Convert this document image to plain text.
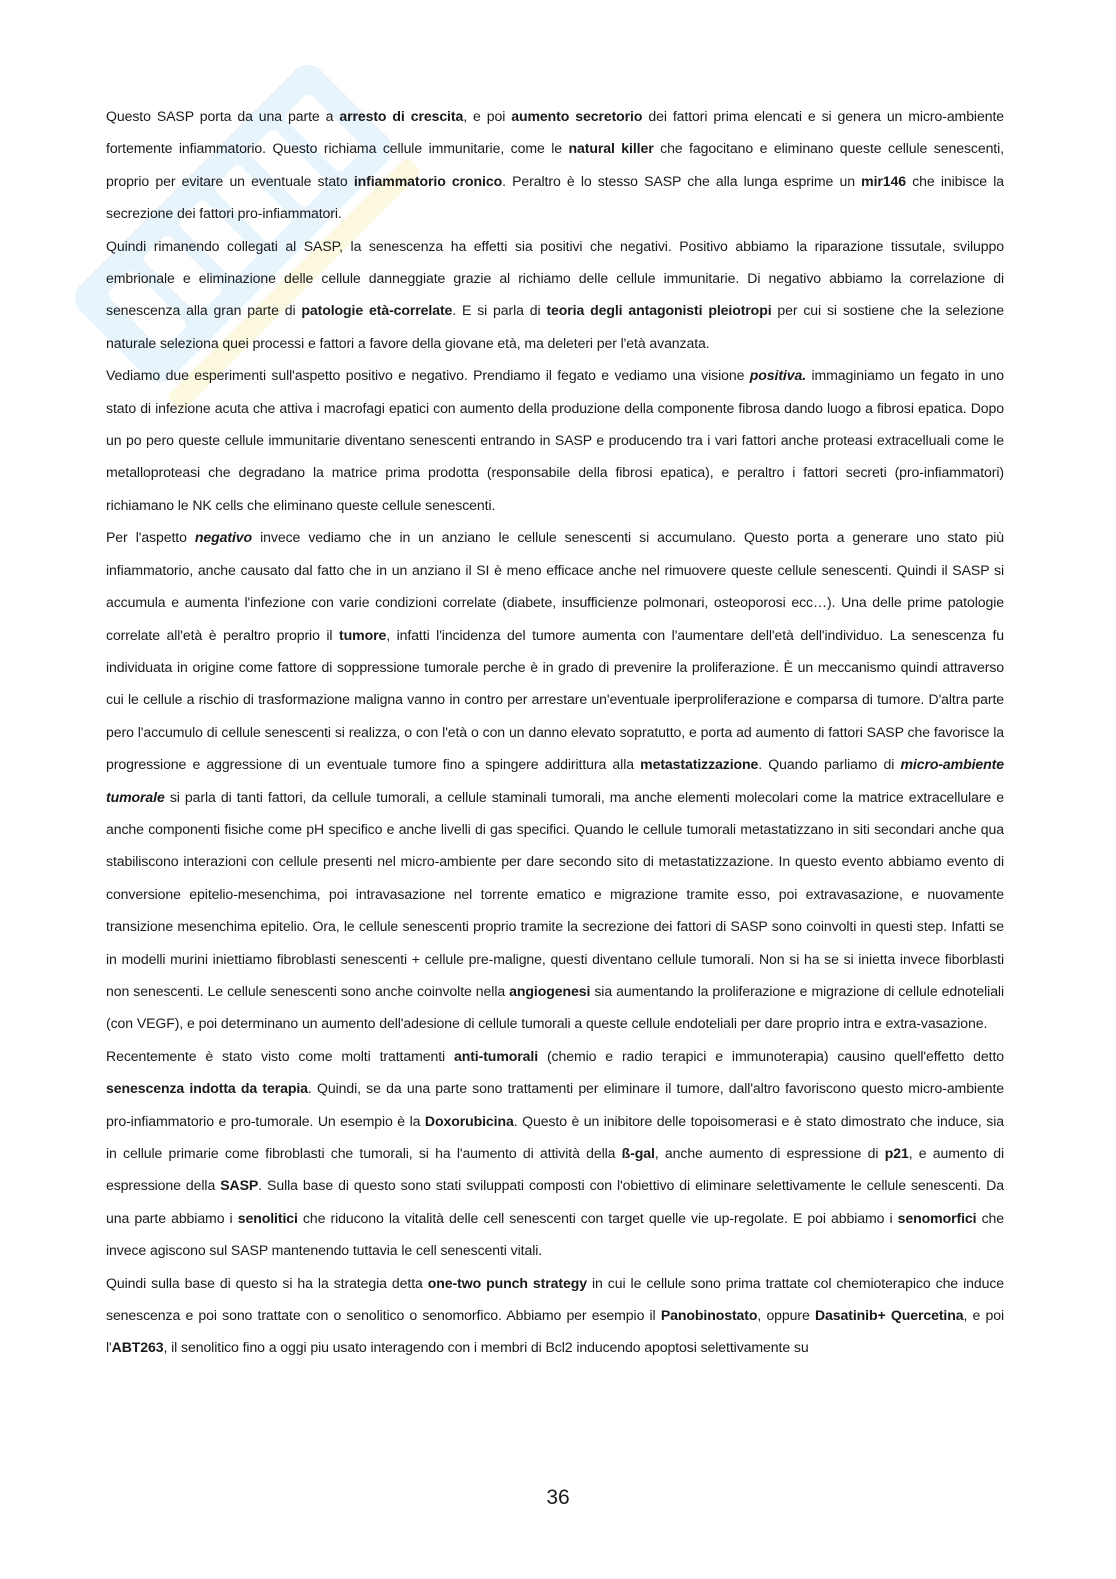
Questo SASP porta da una parte a arresto di crescita, e poi aumento secretorio dei fattori prima elencati e si genera un micro-ambiente fortemente infiammatorio. Questo richiama cellule immunitarie, come le natural killer che fagocitano e eliminano queste cellule senescenti, proprio per evitare un eventuale stato infiammatorio cronico. Peraltro è lo stesso SASP che alla lunga esprime un mir146 che inibisce la secrezione dei fattori pro-infiammatori.

Quindi rimanendo collegati al SASP, la senescenza ha effetti sia positivi che negativi. Positivo abbiamo la riparazione tissutale, sviluppo embrionale e eliminazione delle cellule danneggiate grazie al richiamo delle cellule immunitarie. Di negativo abbiamo la correlazione di senescenza alla gran parte di patologie età-correlate. E si parla di teoria degli antagonisti pleiotropi per cui si sostiene che la selezione naturale seleziona quei processi e fattori a favore della giovane età, ma deleteri per l'età avanzata.

Vediamo due esperimenti sull'aspetto positivo e negativo. Prendiamo il fegato e vediamo una visione positiva. immaginiamo un fegato in uno stato di infezione acuta che attiva i macrofagi epatici con aumento della produzione della componente fibrosa dando luogo a fibrosi epatica. Dopo un po pero queste cellule immunitarie diventano senescenti entrando in SASP e producendo tra i vari fattori anche proteasi extracelluali come le metalloproteasi che degradano la matrice prima prodotta (responsabile della fibrosi epatica), e peraltro i fattori secreti (pro-infiammatori) richiamano le NK cells che eliminano queste cellule senescenti.

Per l'aspetto negativo invece vediamo che in un anziano le cellule senescenti si accumulano. Questo porta a generare uno stato più infiammatorio, anche causato dal fatto che in un anziano il SI è meno efficace anche nel rimuovere queste cellule senescenti. Quindi il SASP si accumula e aumenta l'infezione con varie condizioni correlate (diabete, insufficienze polmonari, osteoporosi ecc…). Una delle prime patologie correlate all'età è peraltro proprio il tumore, infatti l'incidenza del tumore aumenta con l'aumentare dell'età dell'individuo. La senescenza fu individuata in origine come fattore di soppressione tumorale perche è in grado di prevenire la proliferazione. È un meccanismo quindi attraverso cui le cellule a rischio di trasformazione maligna vanno in contro per arrestare un'eventuale iperproliferazione e comparsa di tumore. D'altra parte pero l'accumulo di cellule senescenti si realizza, o con l'età o con un danno elevato sopratutto, e porta ad aumento di fattori SASP che favorisce la progressione e aggressione di un eventuale tumore fino a spingere addirittura alla metastatizzazione. Quando parliamo di micro-ambiente tumorale si parla di tanti fattori, da cellule tumorali, a cellule staminali tumorali, ma anche elementi molecolari come la matrice extracellulare e anche componenti fisiche come pH specifico e anche livelli di gas specifici. Quando le cellule tumorali metastatizzano in siti secondari anche qua stabiliscono interazioni con cellule presenti nel micro-ambiente per dare secondo sito di metastatizzazione. In questo evento abbiamo evento di conversione epitelio-mesenchima, poi intravasazione nel torrente ematico e migrazione tramite esso, poi extravasazione, e nuovamente transizione mesenchima epitelio. Ora, le cellule senescenti proprio tramite la secrezione dei fattori di SASP sono coinvolti in questi step. Infatti se in modelli murini iniettiamo fibroblasti senescenti + cellule pre-maligne, questi diventano cellule tumorali. Non si ha se si inietta invece fiborblasti non senescenti. Le cellule senescenti sono anche coinvolte nella angiogenesi sia aumentando la proliferazione e migrazione di cellule ednoteliali (con VEGF), e poi determinano un aumento dell'adesione di cellule tumorali a queste cellule endoteliali per dare proprio intra e extra-vasazione.

Recentemente è stato visto come molti trattamenti anti-tumorali (chemio e radio terapici e immunoterapia) causino quell'effetto detto senescenza indotta da terapia. Quindi, se da una parte sono trattamenti per eliminare il tumore, dall'altro favoriscono questo micro-ambiente pro-infiammatorio e pro-tumorale. Un esempio è la Doxorubicina. Questo è un inibitore delle topoisomerasi e è stato dimostrato che induce, sia in cellule primarie come fibroblasti che tumorali, si ha l'aumento di attività della ß-gal, anche aumento di espressione di p21, e aumento di espressione della SASP. Sulla base di questo sono stati sviluppati composti con l'obiettivo di eliminare selettivamente le cellule senescenti. Da una parte abbiamo i senolitici che riducono la vitalità delle cell senescenti con target quelle vie up-regolate. E poi abbiamo i senomorfici che invece agiscono sul SASP mantenendo tuttavia le cell senescenti vitali.

Quindi sulla base di questo si ha la strategia detta one-two punch strategy in cui le cellule sono prima trattate col chemioterapico che induce senescenza e poi sono trattate con o senolitico o senomorfico. Abbiamo per esempio il Panobinostato, oppure Dasatinib+ Quercetina, e poi l'ABT263, il senolitico fino a oggi piu usato interagendo con i membri di Bcl2 inducendo apoptosi selettivamente su

36
